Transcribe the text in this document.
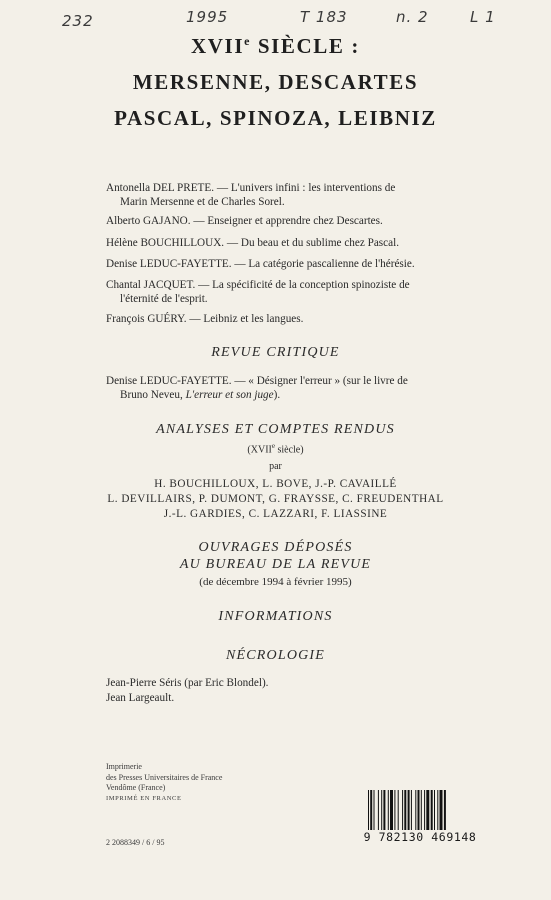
232	1995	T 183	n. 2	L 1
XVIIe SIÈCLE :
MERSENNE, DESCARTES
PASCAL, SPINOZA, LEIBNIZ
Antonella DEL PRETE. — L'univers infini : les interventions de
Marin Mersenne et de Charles Sorel.
Alberto GAJANO. — Enseigner et apprendre chez Descartes.
Hélène BOUCHILLOUX. — Du beau et du sublime chez Pascal.
Denise LEDUC-FAYETTE. — La catégorie pascalienne de l'hérésie.
Chantal JACQUET. — La spécificité de la conception spinoziste de
l'éternité de l'esprit.
François GUÉRY. — Leibniz et les langues.
REVUE CRITIQUE
Denise LEDUC-FAYETTE. — « Désigner l'erreur » (sur le livre de
Bruno Neveu, L'erreur et son juge).
ANALYSES ET COMPTES RENDUS
(XVIIe siècle)
par
H. BOUCHILLOUX, L. BOVE, J.-P. CAVAILLÉ
L. DEVILLAIRS, P. DUMONT, G. FRAYSSE, C. FREUDENTHAL
J.-L. GARDIES, C. LAZZARI, F. LIASSINE
OUVRAGES DÉPOSÉS
AU BUREAU DE LA REVUE
(de décembre 1994 à février 1995)
INFORMATIONS
NÉCROLOGIE
Jean-Pierre Séris (par Eric Blondel).
Jean Largeault.
Imprimerie
des Presses Universitaires de France
Vendôme (France)
IMPRIMÉ EN FRANCE
2 2088349 / 6 / 95	9 782130 469148
